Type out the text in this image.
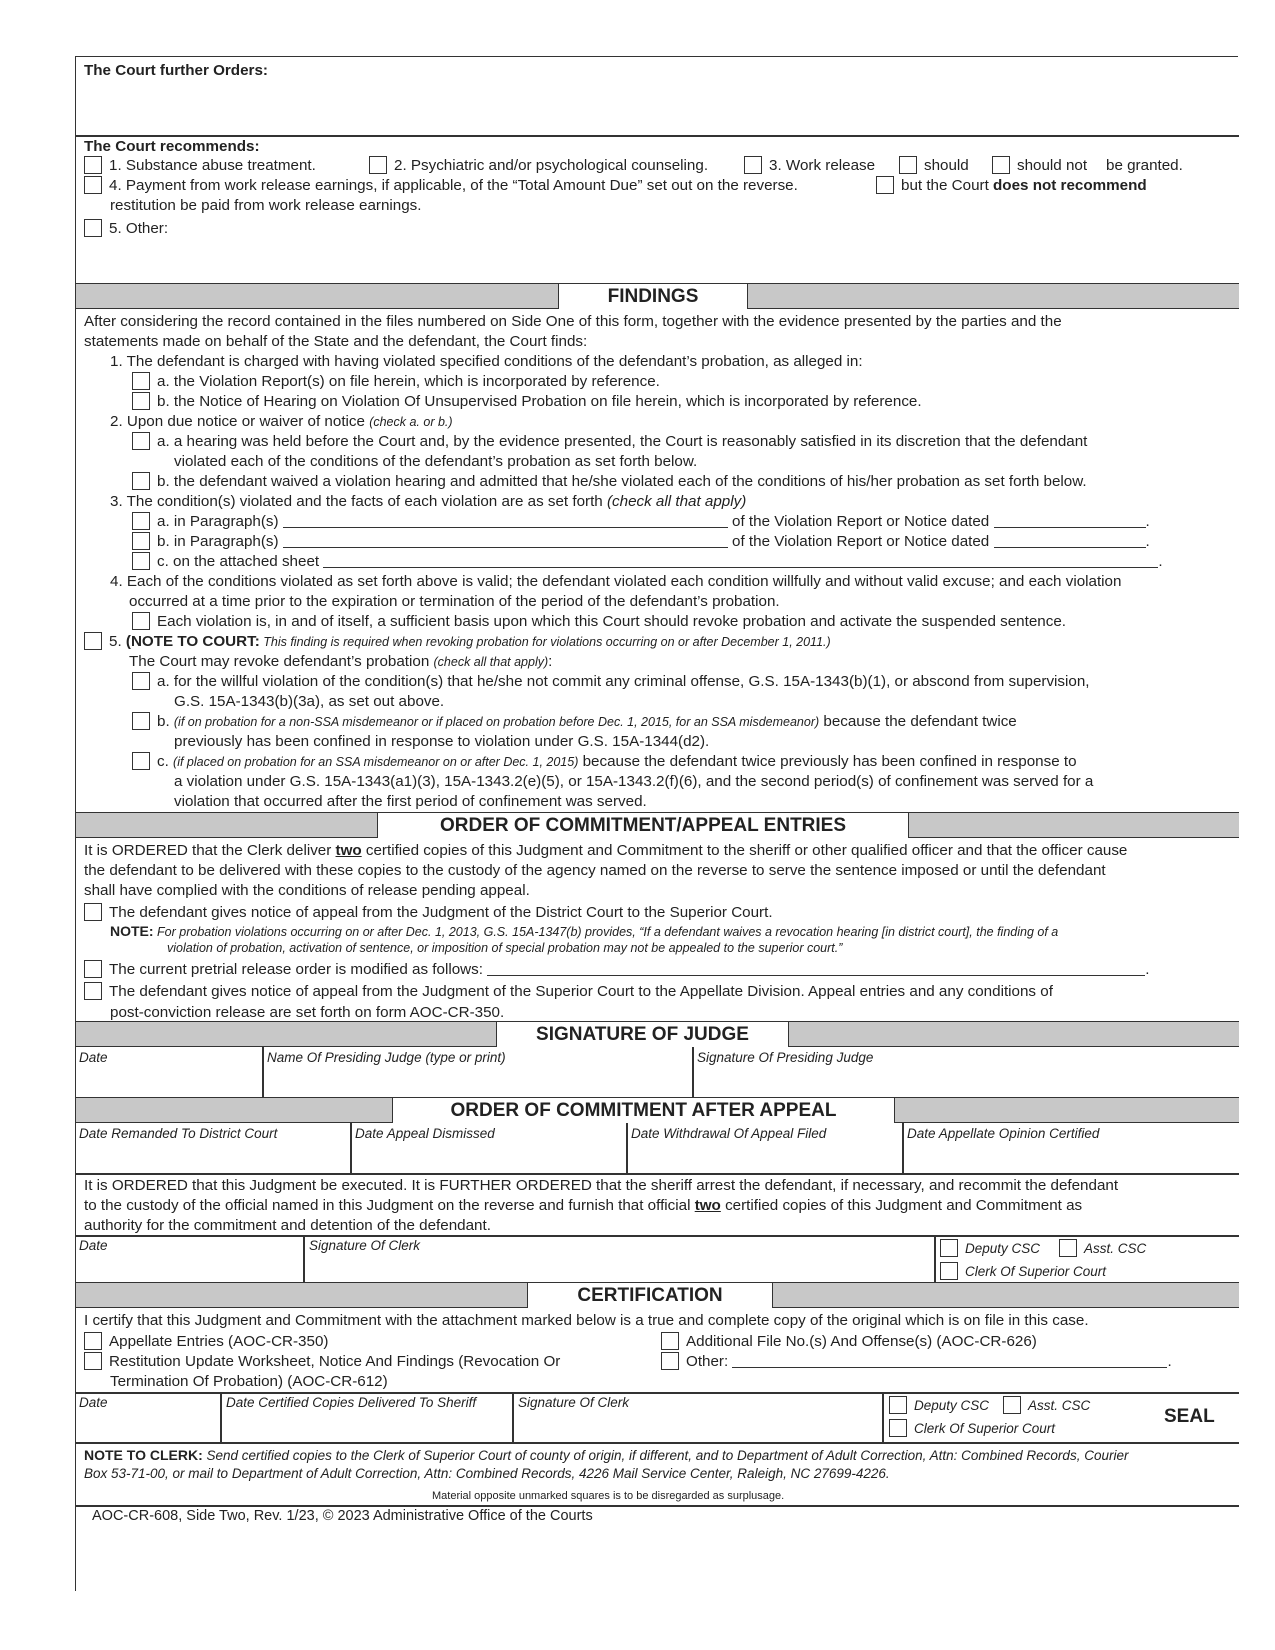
The Court further Orders:
The Court recommends:
1. Substance abuse treatment.	2. Psychiatric and/or psychological counseling.	3. Work release	should	should not be granted.
4. Payment from work release earnings, if applicable, of the “Total Amount Due” set out on the reverse.	but the Court does not recommend
restitution be paid from work release earnings.
5. Other:
FINDINGS
After considering the record contained in the files numbered on Side One of this form, together with the evidence presented by the parties and the
statements made on behalf of the State and the defendant, the Court finds:
1. The defendant is charged with having violated specified conditions of the defendant’s probation, as alleged in:
a. the Violation Report(s) on file herein, which is incorporated by reference.
b. the Notice of Hearing on Violation Of Unsupervised Probation on file herein, which is incorporated by reference.
2. Upon due notice or waiver of notice (check a. or b.)
a. a hearing was held before the Court and, by the evidence presented, the Court is reasonably satisfied in its discretion that the defendant
violated each of the conditions of the defendant’s probation as set forth below.
b. the defendant waived a violation hearing and admitted that he/she violated each of the conditions of his/her probation as set forth below.
3. The condition(s) violated and the facts of each violation are as set forth (check all that apply)
a. in Paragraph(s)	of the Violation Report or Notice dated	.
b. in Paragraph(s)	of the Violation Report or Notice dated	.
c. on the attached sheet	.
4. Each of the conditions violated as set forth above is valid; the defendant violated each condition willfully and without valid excuse; and each violation
occurred at a time prior to the expiration or termination of the period of the defendant’s probation.
Each violation is, in and of itself, a sufficient basis upon which this Court should revoke probation and activate the suspended sentence.
5. (NOTE TO COURT: This finding is required when revoking probation for violations occurring on or after December 1, 2011.)
The Court may revoke defendant’s probation (check all that apply):
a. for the willful violation of the condition(s) that he/she not commit any criminal offense, G.S. 15A-1343(b)(1), or abscond from supervision,
G.S. 15A-1343(b)(3a), as set out above.
b. (if on probation for a non-SSA misdemeanor or if placed on probation before Dec. 1, 2015, for an SSA misdemeanor) because the defendant twice
previously has been confined in response to violation under G.S. 15A-1344(d2).
c. (if placed on probation for an SSA misdemeanor on or after Dec. 1, 2015) because the defendant twice previously has been confined in response to
a violation under G.S. 15A-1343(a1)(3), 15A-1343.2(e)(5), or 15A-1343.2(f)(6), and the second period(s) of confinement was served for a
violation that occurred after the first period of confinement was served.
ORDER OF COMMITMENT/APPEAL ENTRIES
It is ORDERED that the Clerk deliver two certified copies of this Judgment and Commitment to the sheriff or other qualified officer and that the officer cause
the defendant to be delivered with these copies to the custody of the agency named on the reverse to serve the sentence imposed or until the defendant
shall have complied with the conditions of release pending appeal.
The defendant gives notice of appeal from the Judgment of the District Court to the Superior Court.
NOTE: For probation violations occurring on or after Dec. 1, 2013, G.S. 15A-1347(b) provides, “If a defendant waives a revocation hearing [in district court], the finding of a
violation of probation, activation of sentence, or imposition of special probation may not be appealed to the superior court.”
The current pretrial release order is modified as follows:	.
The defendant gives notice of appeal from the Judgment of the Superior Court to the Appellate Division. Appeal entries and any conditions of
post-conviction release are set forth on form AOC-CR-350.
SIGNATURE OF JUDGE
Date	Name Of Presiding Judge (type or print)	Signature Of Presiding Judge
ORDER OF COMMITMENT AFTER APPEAL
Date Remanded To District Court	Date Appeal Dismissed	Date Withdrawal Of Appeal Filed	Date Appellate Opinion Certified
It is ORDERED that this Judgment be executed. It is FURTHER ORDERED that the sheriff arrest the defendant, if necessary, and recommit the defendant
to the custody of the official named in this Judgment on the reverse and furnish that official two certified copies of this Judgment and Commitment as
authority for the commitment and detention of the defendant.
Date	Signature Of Clerk	Deputy CSC	Asst. CSC
Clerk Of Superior Court
CERTIFICATION
I certify that this Judgment and Commitment with the attachment marked below is a true and complete copy of the original which is on file in this case.
Appellate Entries (AOC-CR-350)
Restitution Update Worksheet, Notice And Findings (Revocation Or
Termination Of Probation) (AOC-CR-612)
Additional File No.(s) And Offense(s) (AOC-CR-626)
Other:	.
Date	Date Certified Copies Delivered To Sheriff	Signature Of Clerk	Deputy CSC	Asst. CSC
Clerk Of Superior Court
SEAL
NOTE TO CLERK: Send certified copies to the Clerk of Superior Court of county of origin, if different, and to Department of Adult Correction, Attn: Combined Records, Courier
Box 53-71-00, or mail to Department of Adult Correction, Attn: Combined Records, 4226 Mail Service Center, Raleigh, NC 27699-4226.
Material opposite unmarked squares is to be disregarded as surplusage.
AOC-CR-608, Side Two, Rev. 1/23, © 2023 Administrative Office of the Courts
